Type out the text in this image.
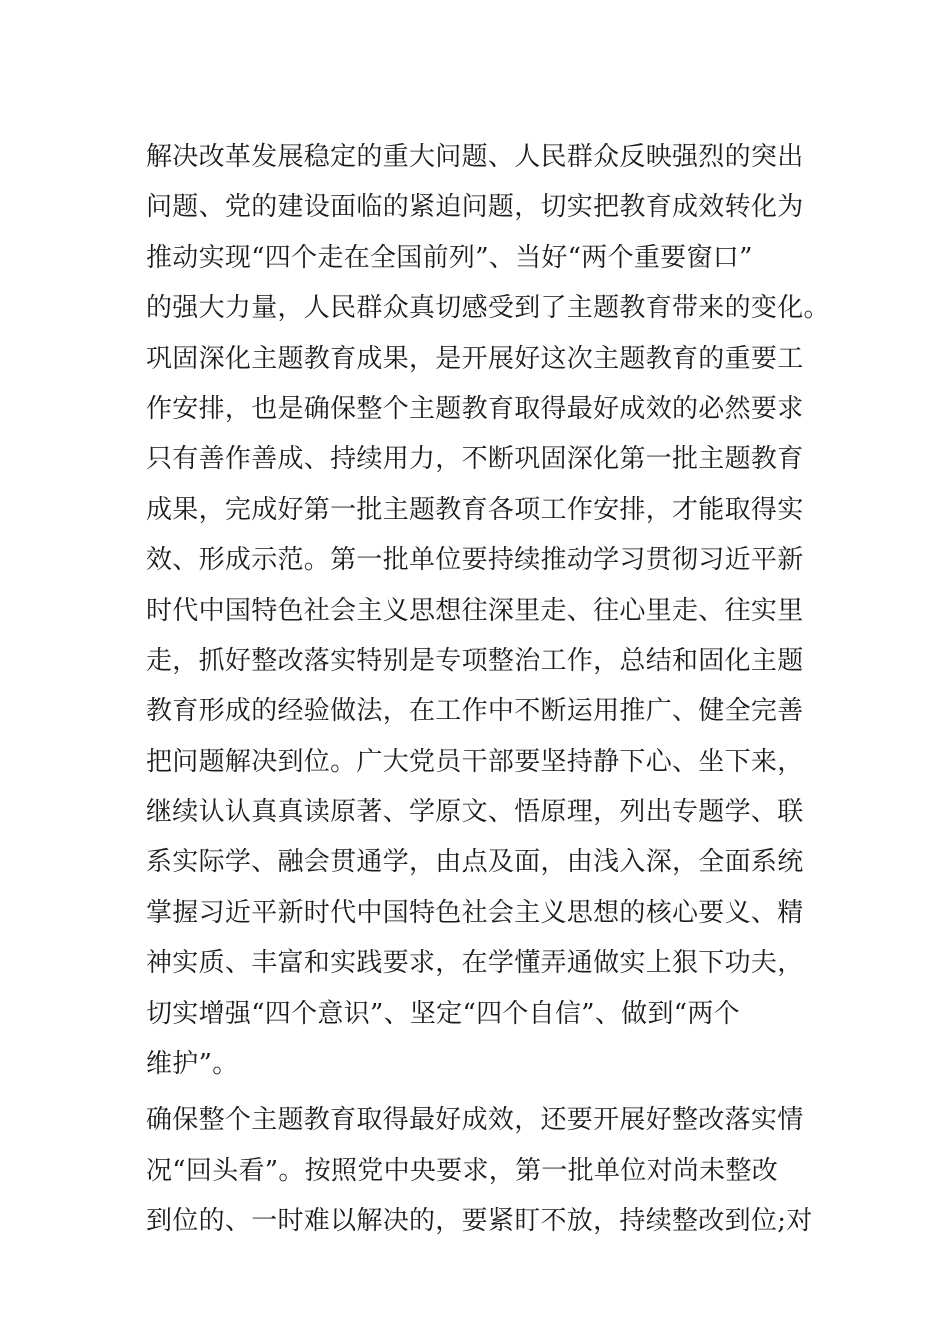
解决改革发展稳定的重大问题、人民群众反映强烈的突出
问题、党的建设面临的紧迫问题，切实把教育成效转化为
推动实现“四个走在全国前列”、当好“两个重要窗口”
的强大力量，人民群众真切感受到了主题教育带来的变化。
巩固深化主题教育成果，是开展好这次主题教育的重要工
作安排，也是确保整个主题教育取得最好成效的必然要求
只有善作善成、持续用力，不断巩固深化第一批主题教育
成果，完成好第一批主题教育各项工作安排，才能取得实
效、形成示范。第一批单位要持续推动学习贯彻习近平新
时代中国特色社会主义思想往深里走、往心里走、往实里
走，抓好整改落实特别是专项整治工作，总结和固化主题
教育形成的经验做法，在工作中不断运用推广、健全完善
把问题解决到位。广大党员干部要坚持静下心、坐下来，
继续认认真真读原著、学原文、悟原理，列出专题学、联
系实际学、融会贯通学，由点及面，由浅入深，全面系统
掌握习近平新时代中国特色社会主义思想的核心要义、精
神实质、丰富和实践要求，在学懂弄通做实上狠下功夫，
切实增强“四个意识”、坚定“四个自信”、做到“两个
维护”。
确保整个主题教育取得最好成效，还要开展好整改落实情
况“回头看”。按照党中央要求，第一批单位对尚未整改
到位的、一时难以解决的，要紧盯不放，持续整改到位;对
